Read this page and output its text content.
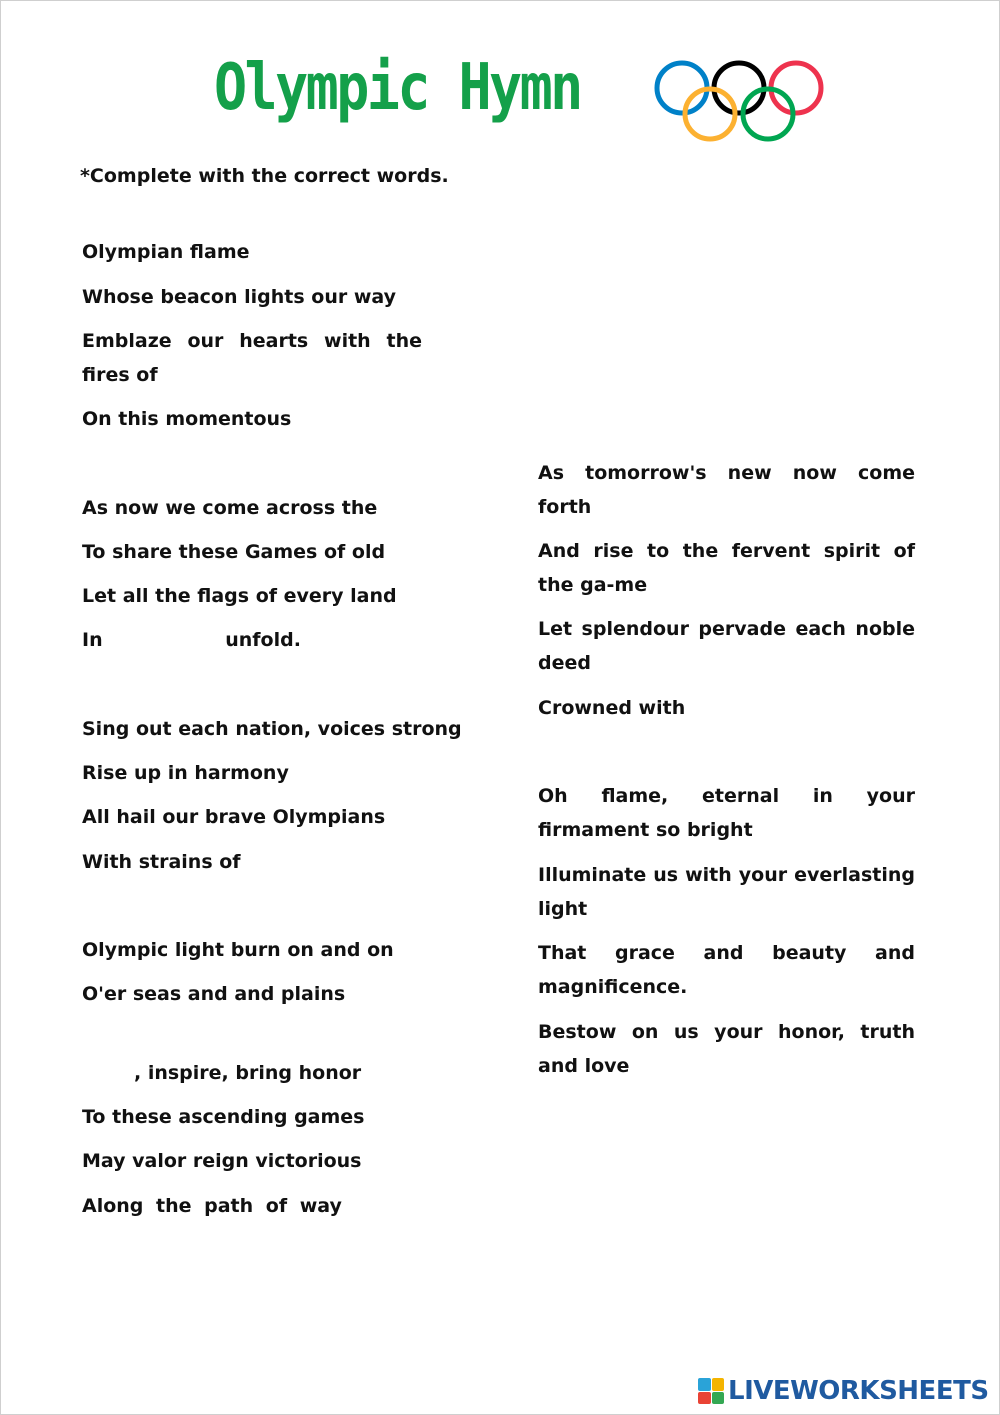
Olympic Hymn
*Complete with the correct words.
Olympian flame
Whose beacon lights our way
Emblaze our hearts with the fires of
On this momentous
As now we come across the
To share these Games of old
Let all the flags of every land
In unfold.
Sing out each nation, voices strong
Rise up in harmony
All hail our brave Olympians
With strains of
Olympic light burn on and on
O'er seas and and plains
, inspire, bring honor
To these ascending games
May valor reign victorious
Along the path of way
As tomorrow's new now come forth
And rise to the fervent spirit of the ga-me
Let splendour pervade each noble deed
Crowned with
Oh flame, eternal in your firmament so bright
Illuminate us with your everlasting light
That grace and beauty and magnificence.
Bestow on us your honor, truth and love
LIVEWORKSHEETS
